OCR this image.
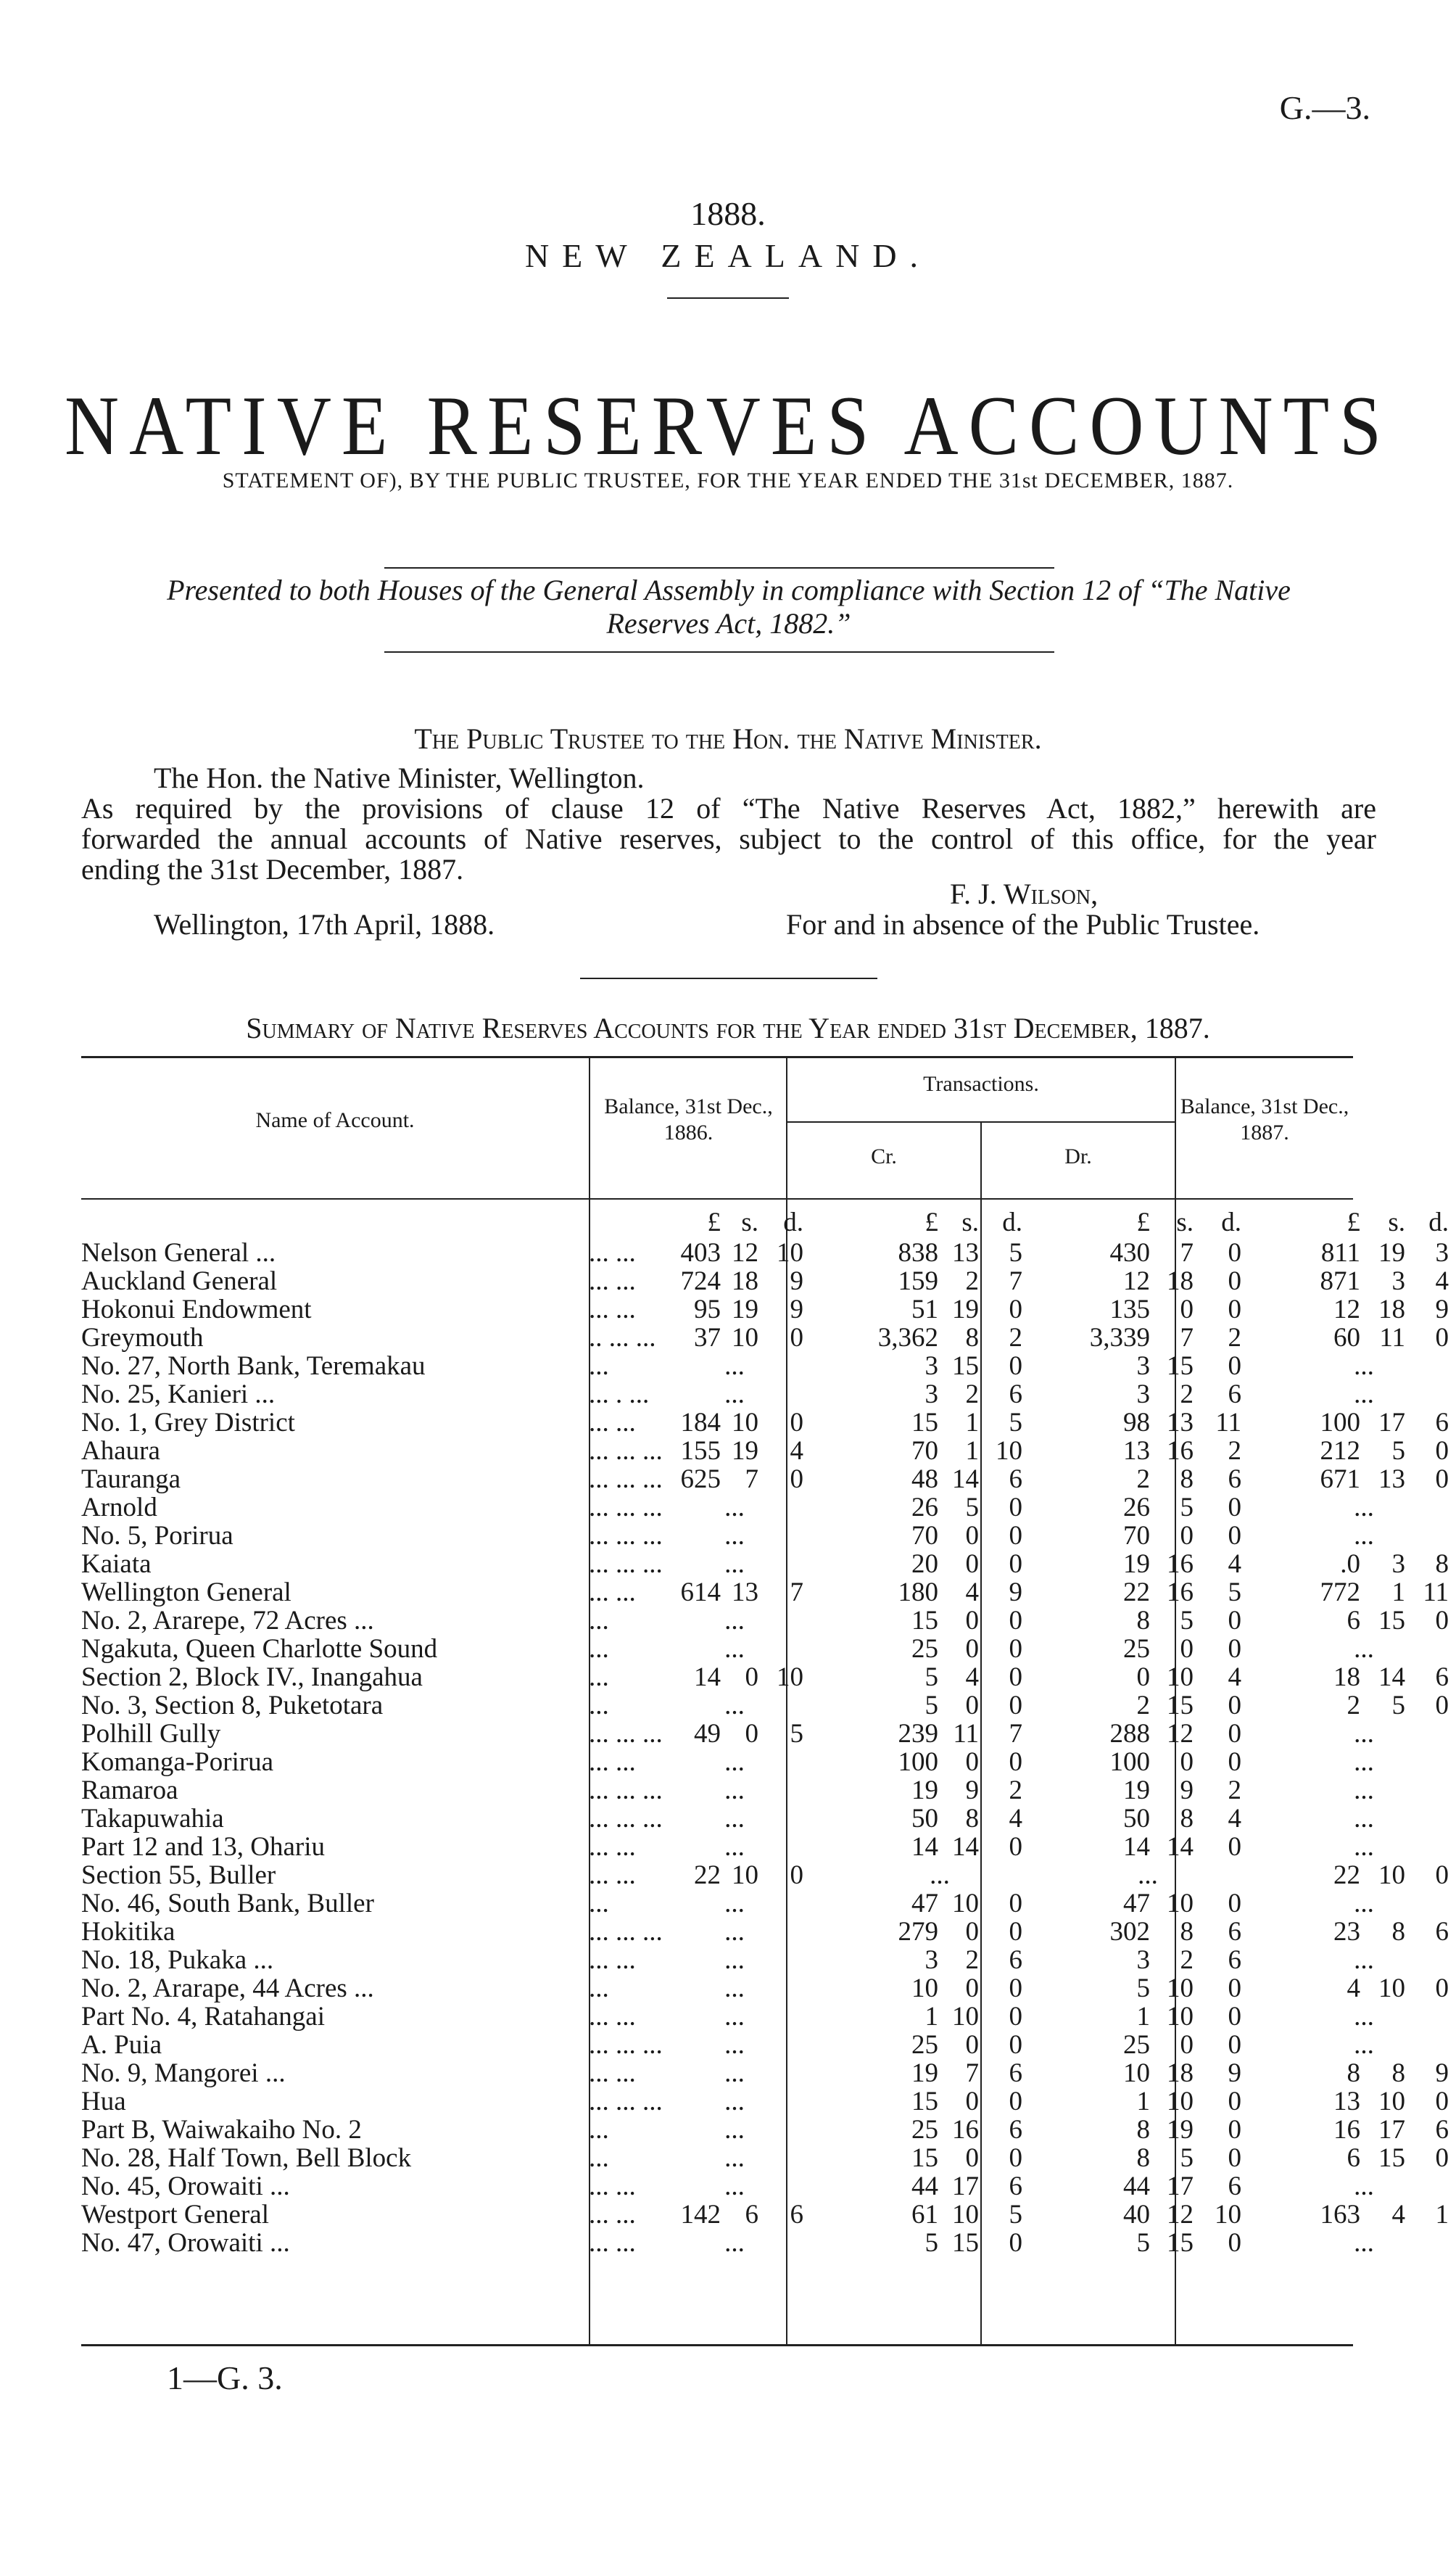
G.—3.
1888.
NEW ZEALAND.
NATIVE RESERVES ACCOUNTS
STATEMENT OF), BY THE PUBLIC TRUSTEE, FOR THE YEAR ENDED THE 31st DECEMBER, 1887.
Presented to both Houses of the General Assembly in compliance with Section 12 of “The Native
Reserves Act, 1882.”
The Public Trustee to the Hon. the Native Minister.
The Hon. the Native Minister, Wellington.
As required by the provisions of clause 12 of “The Native Reserves Act, 1882,” herewith are
forwarded the annual accounts of Native reserves, subject to the control of this office, for the year
ending the 31st December, 1887.
F. J. Wilson,
Wellington, 17th April, 1888.	For and in absence of the Public Trustee.
Summary of Native Reserves Accounts for the Year ended 31st December, 1887.
Name of Account.
Balance, 31st Dec., 1886.
Transactions.
Cr.	Dr.
Balance, 31st Dec., 1887.
		£	s.	d.		£	s.	d.		£	s.	d.		£	s.	d.
Nelson General ...	... ...	403	12	10		838	13	5		430	7	0		811	19	3
Auckland General	... ...	724	18	9		159	2	7		12	18	0		871	3	4
Hokonui Endowment	... ...	95	19	9		51	19	0		135	0	0		12	18	9
Greymouth	.. ... ...	37	10	0		3,362	8	2		3,339	7	2		60	11	0
No. 27, North Bank, Teremakau	...	...				3	15	0		3	15	0		...		
No. 25, Kanieri ...	... . ...	...				3	2	6		3	2	6		...		
No. 1, Grey District	... ...	184	10	0		15	1	5		98	13	11		100	17	6
Ahaura	... ... ...	155	19	4		70	1	10		13	16	2		212	5	0
Tauranga	... ... ...	625	7	0		48	14	6		2	8	6		671	13	0
Arnold	... ... ...	...				26	5	0		26	5	0		...		
No. 5, Porirua	... ... ...	...				70	0	0		70	0	0		...		
Kaiata	... ... ...	...				20	0	0		19	16	4		.0	3	8
Wellington General	... ...	614	13	7		180	4	9		22	16	5		772	1	11
No. 2, Ararepe, 72 Acres ...	...	...				15	0	0		8	5	0		6	15	0
Ngakuta, Queen Charlotte Sound	...	...				25	0	0		25	0	0		...		
Section 2, Block IV., Inangahua	...	14	0	10		5	4	0		0	10	4		18	14	6
No. 3, Section 8, Puketotara	...	...				5	0	0		2	15	0		2	5	0
Polhill Gully	... ... ...	49	0	5		239	11	7		288	12	0		...		
Komanga-Porirua	... ...	...				100	0	0		100	0	0		...		
Ramaroa	... ... ...	...				19	9	2		19	9	2		...		
Takapuwahia	... ... ...	...				50	8	4		50	8	4		...		
Part 12 and 13, Ohariu	... ...	...				14	14	0		14	14	0		...		
Section 55, Buller	... ...	22	10	0		...				...				22	10	0
No. 46, South Bank, Buller	...	...				47	10	0		47	10	0		...		
Hokitika	... ... ...	...				279	0	0		302	8	6		23	8	6
No. 18, Pukaka ...	... ...	...				3	2	6		3	2	6		...		
No. 2, Ararape, 44 Acres ...	...	...				10	0	0		5	10	0		4	10	0
Part No. 4, Ratahangai	... ...	...				1	10	0		1	10	0		...		
A. Puia	... ... ...	...				25	0	0		25	0	0		...		
No. 9, Mangorei ...	... ...	...				19	7	6		10	18	9		8	8	9
Hua	... ... ...	...				15	0	0		1	10	0		13	10	0
Part B, Waiwakaiho No. 2	...	...				25	16	6		8	19	0		16	17	6
No. 28, Half Town, Bell Block	...	...				15	0	0		8	5	0		6	15	0
No. 45, Orowaiti ...	... ...	...				44	17	6		44	17	6		...		
Westport General	... ...	142	6	6		61	10	5		40	12	10		163	4	1
No. 47, Orowaiti ...	... ...	...				5	15	0		5	15	0		...		
1—G. 3.
